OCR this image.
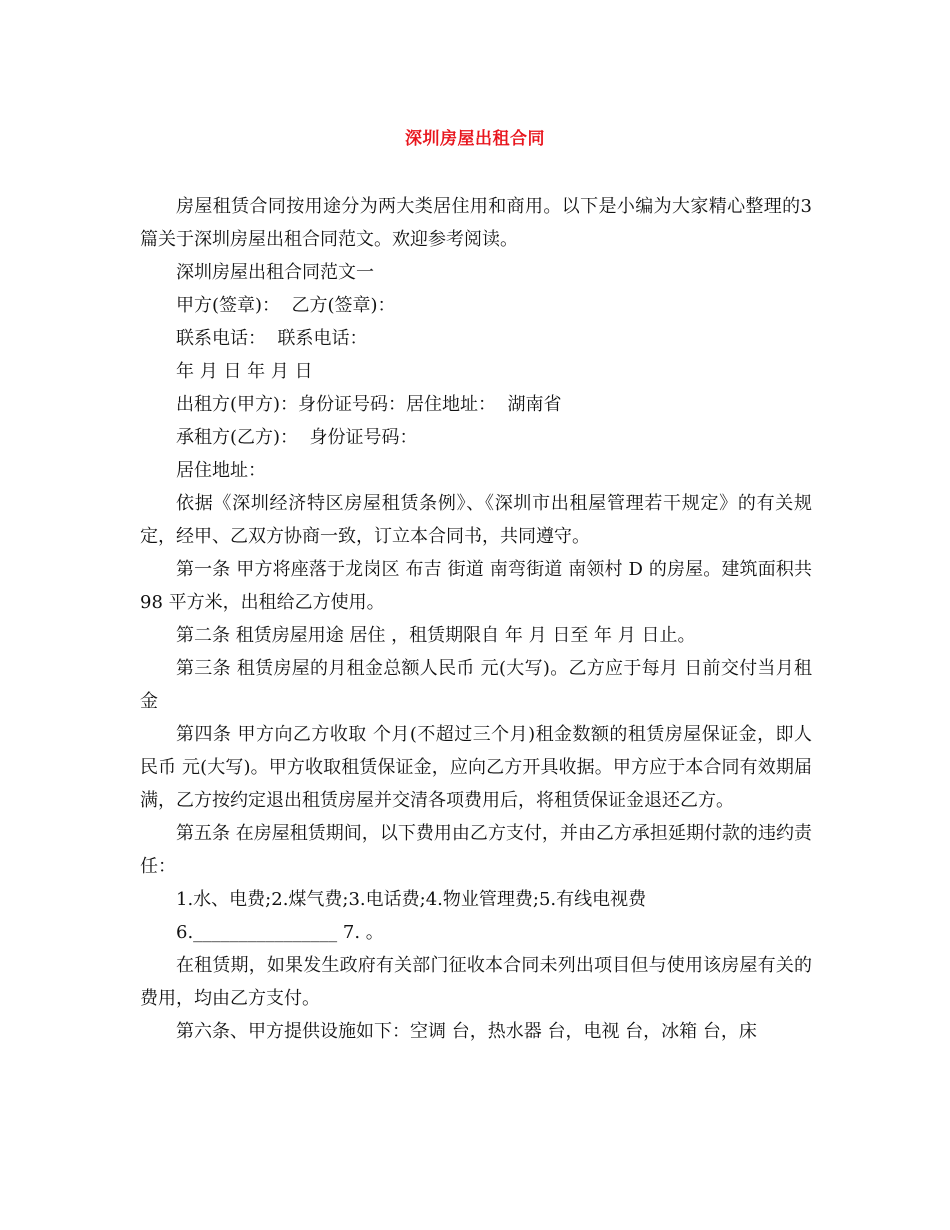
深圳房屋出租合同

房屋租赁合同按用途分为两大类居住用和商用。以下是小编为大家精心整理的3篇关于深圳房屋出租合同范文。欢迎参考阅读。

深圳房屋出租合同范文一

甲方(签章)：  乙方(签章)：

联系电话：  联系电话：

年 月 日 年 月 日

出租方(甲方)：身份证号码：居住地址：  湖南省

承租方(乙方)：  身份证号码：

居住地址：

依据《深圳经济特区房屋租赁条例》、《深圳市出租屋管理若干规定》的有关规定，经甲、乙双方协商一致，订立本合同书，共同遵守。

第一条 甲方将座落于龙岗区 布吉 街道 南弯街道 南领村 D 的房屋。建筑面积共 98 平方米，出租给乙方使用。

第二条 租赁房屋用途 居住 ，租赁期限自 年 月 日至 年 月 日止。

第三条 租赁房屋的月租金总额人民币 元(大写)。乙方应于每月 日前交付当月租金

第四条 甲方向乙方收取 个月(不超过三个月)租金数额的租赁房屋保证金，即人民币 元(大写)。甲方收取租赁保证金，应向乙方开具收据。甲方应于本合同有效期届满，乙方按约定退出租赁房屋并交清各项费用后，将租赁保证金退还乙方。

第五条 在房屋租赁期间，以下费用由乙方支付，并由乙方承担延期付款的违约责任：

1.水、电费;2.煤气费;3.电话费;4.物业管理费;5.有线电视费

6.________________ 7. 。

在租赁期，如果发生政府有关部门征收本合同未列出项目但与使用该房屋有关的费用，均由乙方支付。

第六条、甲方提供设施如下：空调 台，热水器 台，电视 台，冰箱 台，床
